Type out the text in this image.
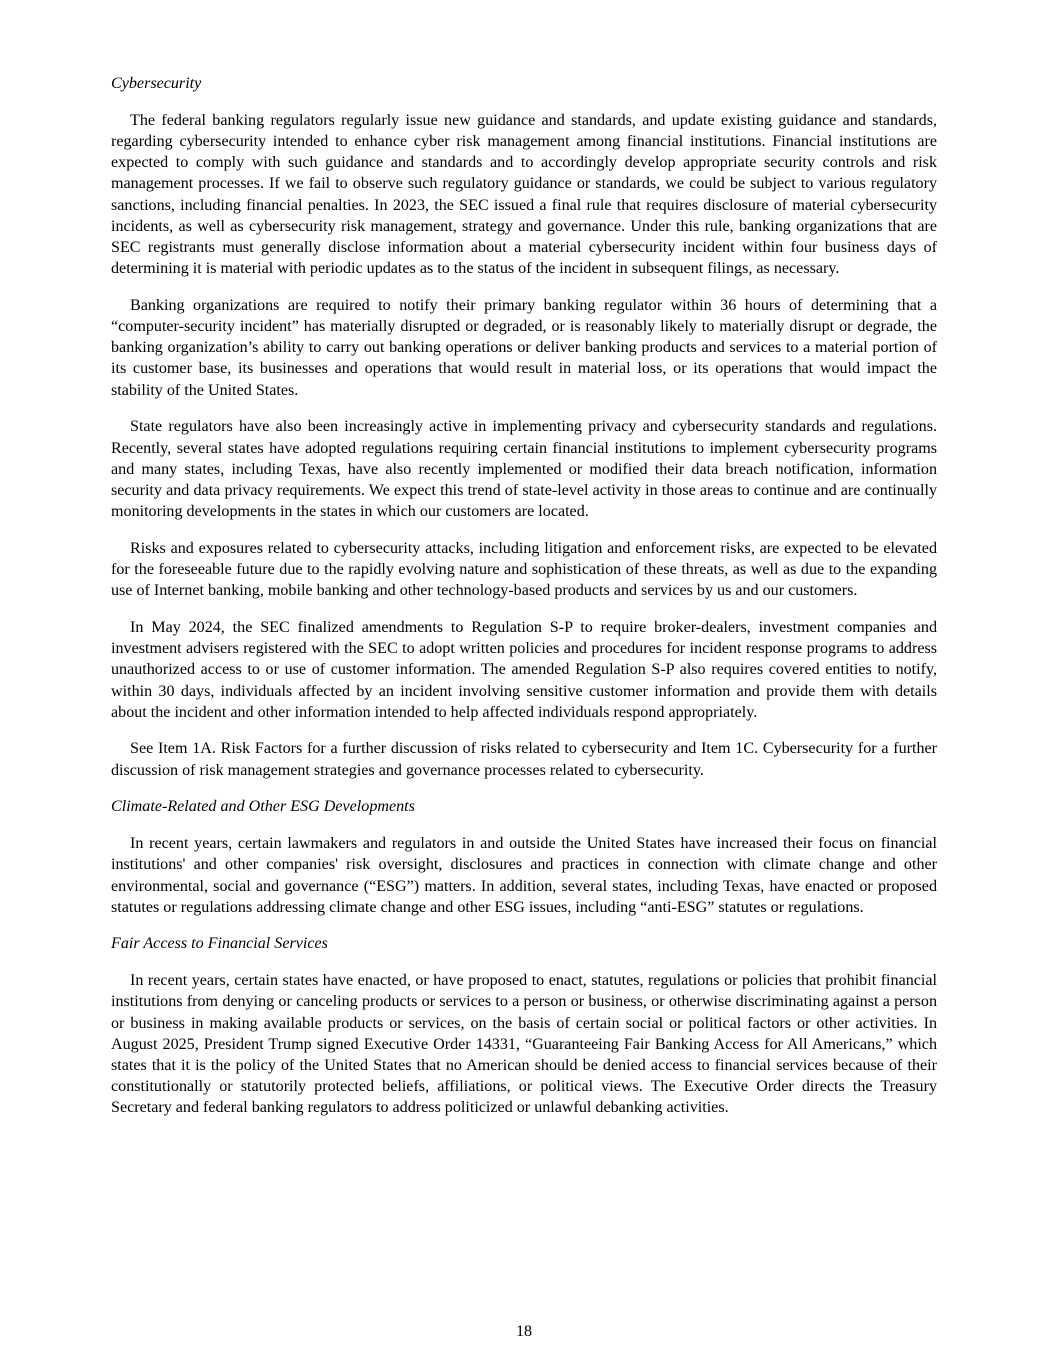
Cybersecurity

The federal banking regulators regularly issue new guidance and standards, and update existing guidance and standards, regarding cybersecurity intended to enhance cyber risk management among financial institutions. Financial institutions are expected to comply with such guidance and standards and to accordingly develop appropriate security controls and risk management processes. If we fail to observe such regulatory guidance or standards, we could be subject to various regulatory sanctions, including financial penalties. In 2023, the SEC issued a final rule that requires disclosure of material cybersecurity incidents, as well as cybersecurity risk management, strategy and governance. Under this rule, banking organizations that are SEC registrants must generally disclose information about a material cybersecurity incident within four business days of determining it is material with periodic updates as to the status of the incident in subsequent filings, as necessary.

Banking organizations are required to notify their primary banking regulator within 36 hours of determining that a “computer-security incident” has materially disrupted or degraded, or is reasonably likely to materially disrupt or degrade, the banking organization’s ability to carry out banking operations or deliver banking products and services to a material portion of its customer base, its businesses and operations that would result in material loss, or its operations that would impact the stability of the United States.

State regulators have also been increasingly active in implementing privacy and cybersecurity standards and regulations. Recently, several states have adopted regulations requiring certain financial institutions to implement cybersecurity programs and many states, including Texas, have also recently implemented or modified their data breach notification, information security and data privacy requirements. We expect this trend of state-level activity in those areas to continue and are continually monitoring developments in the states in which our customers are located.

Risks and exposures related to cybersecurity attacks, including litigation and enforcement risks, are expected to be elevated for the foreseeable future due to the rapidly evolving nature and sophistication of these threats, as well as due to the expanding use of Internet banking, mobile banking and other technology-based products and services by us and our customers.

In May 2024, the SEC finalized amendments to Regulation S-P to require broker-dealers, investment companies and investment advisers registered with the SEC to adopt written policies and procedures for incident response programs to address unauthorized access to or use of customer information. The amended Regulation S-P also requires covered entities to notify, within 30 days, individuals affected by an incident involving sensitive customer information and provide them with details about the incident and other information intended to help affected individuals respond appropriately.

See Item 1A. Risk Factors for a further discussion of risks related to cybersecurity and Item 1C. Cybersecurity for a further discussion of risk management strategies and governance processes related to cybersecurity.

Climate-Related and Other ESG Developments

In recent years, certain lawmakers and regulators in and outside the United States have increased their focus on financial institutions' and other companies' risk oversight, disclosures and practices in connection with climate change and other environmental, social and governance (“ESG”) matters. In addition, several states, including Texas, have enacted or proposed statutes or regulations addressing climate change and other ESG issues, including “anti-ESG” statutes or regulations.

Fair Access to Financial Services

In recent years, certain states have enacted, or have proposed to enact, statutes, regulations or policies that prohibit financial institutions from denying or canceling products or services to a person or business, or otherwise discriminating against a person or business in making available products or services, on the basis of certain social or political factors or other activities. In August 2025, President Trump signed Executive Order 14331, “Guaranteeing Fair Banking Access for All Americans,” which states that it is the policy of the United States that no American should be denied access to financial services because of their constitutionally or statutorily protected beliefs, affiliations, or political views. The Executive Order directs the Treasury Secretary and federal banking regulators to address politicized or unlawful debanking activities.

18
